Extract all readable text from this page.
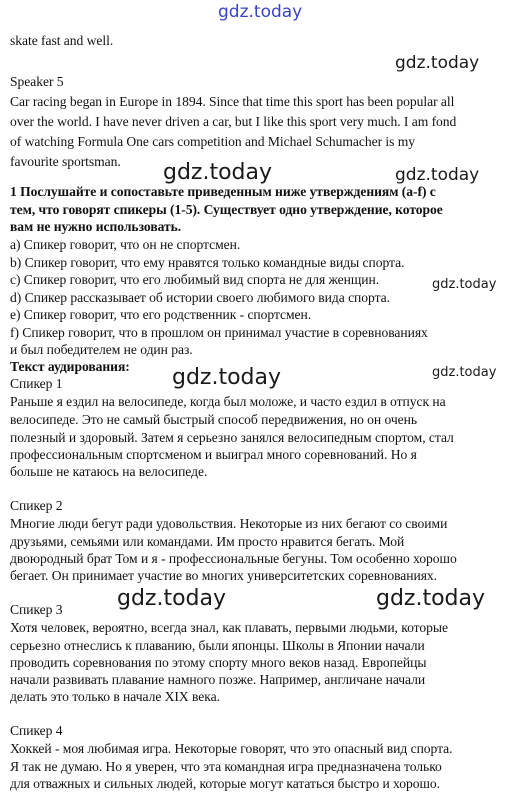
skate fast and well.
Speaker 5
Car racing began in Europe in 1894. Since that time this sport has been popular all
over the world. I have never driven a car, but I like this sport very much. I am fond
of watching Formula One cars competition and Michael Schumacher is my
favourite sportsman.
1 Послушайте и сопоставьте приведенным ниже утверждениям (a-f) с
тем, что говорят спикеры (1-5). Существует одно утверждение, которое
вам не нужно использовать.
a) Спикер говорит, что он не спортсмен.
b) Спикер говорит, что ему нравятся только командные виды спорта.
c) Спикер говорит, что его любимый вид спорта не для женщин.
d) Спикер рассказывает об истории своего любимого вида спорта.
e) Спикер говорит, что его родственник - спортсмен.
f) Спикер говорит, что в прошлом он принимал участие в соревнованиях
и был победителем не один раз.
Текст аудирования:
Спикер 1
Раньше я ездил на велосипеде, когда был моложе, и часто ездил в отпуск на
велосипеде. Это не самый быстрый способ передвижения, но он очень
полезный и здоровый. Затем я серьезно занялся велосипедным спортом, стал
профессиональным спортсменом и выиграл много соревнований. Но я
больше не катаюсь на велосипеде.
Спикер 2
Многие люди бегут ради удовольствия. Некоторые из них бегают со своими
друзьями, семьями или командами. Им просто нравится бегать. Мой
двоюродный брат Том и я - профессиональные бегуны. Том особенно хорошо
бегает. Он принимает участие во многих университетских соревнованиях.
Спикер 3
Хотя человек, вероятно, всегда знал, как плавать, первыми людьми, которые
серьезно отнеслись к плаванию, были японцы. Школы в Японии начали
проводить соревнования по этому спорту много веков назад. Европейцы
начали развивать плавание намного позже. Например, англичане начали
делать это только в начале XIX века.
Спикер 4
Хоккей - моя любимая игра. Некоторые говорят, что это опасный вид спорта.
Я так не думаю. Но я уверен, что эта командная игра предназначена только
для отважных и сильных людей, которые могут кататься быстро и хорошо.
gdz.today
gdz.today
gdz.today	gdz.today
gdz.today
gdz.today
gdz.today
gdz.today	gdz.today
